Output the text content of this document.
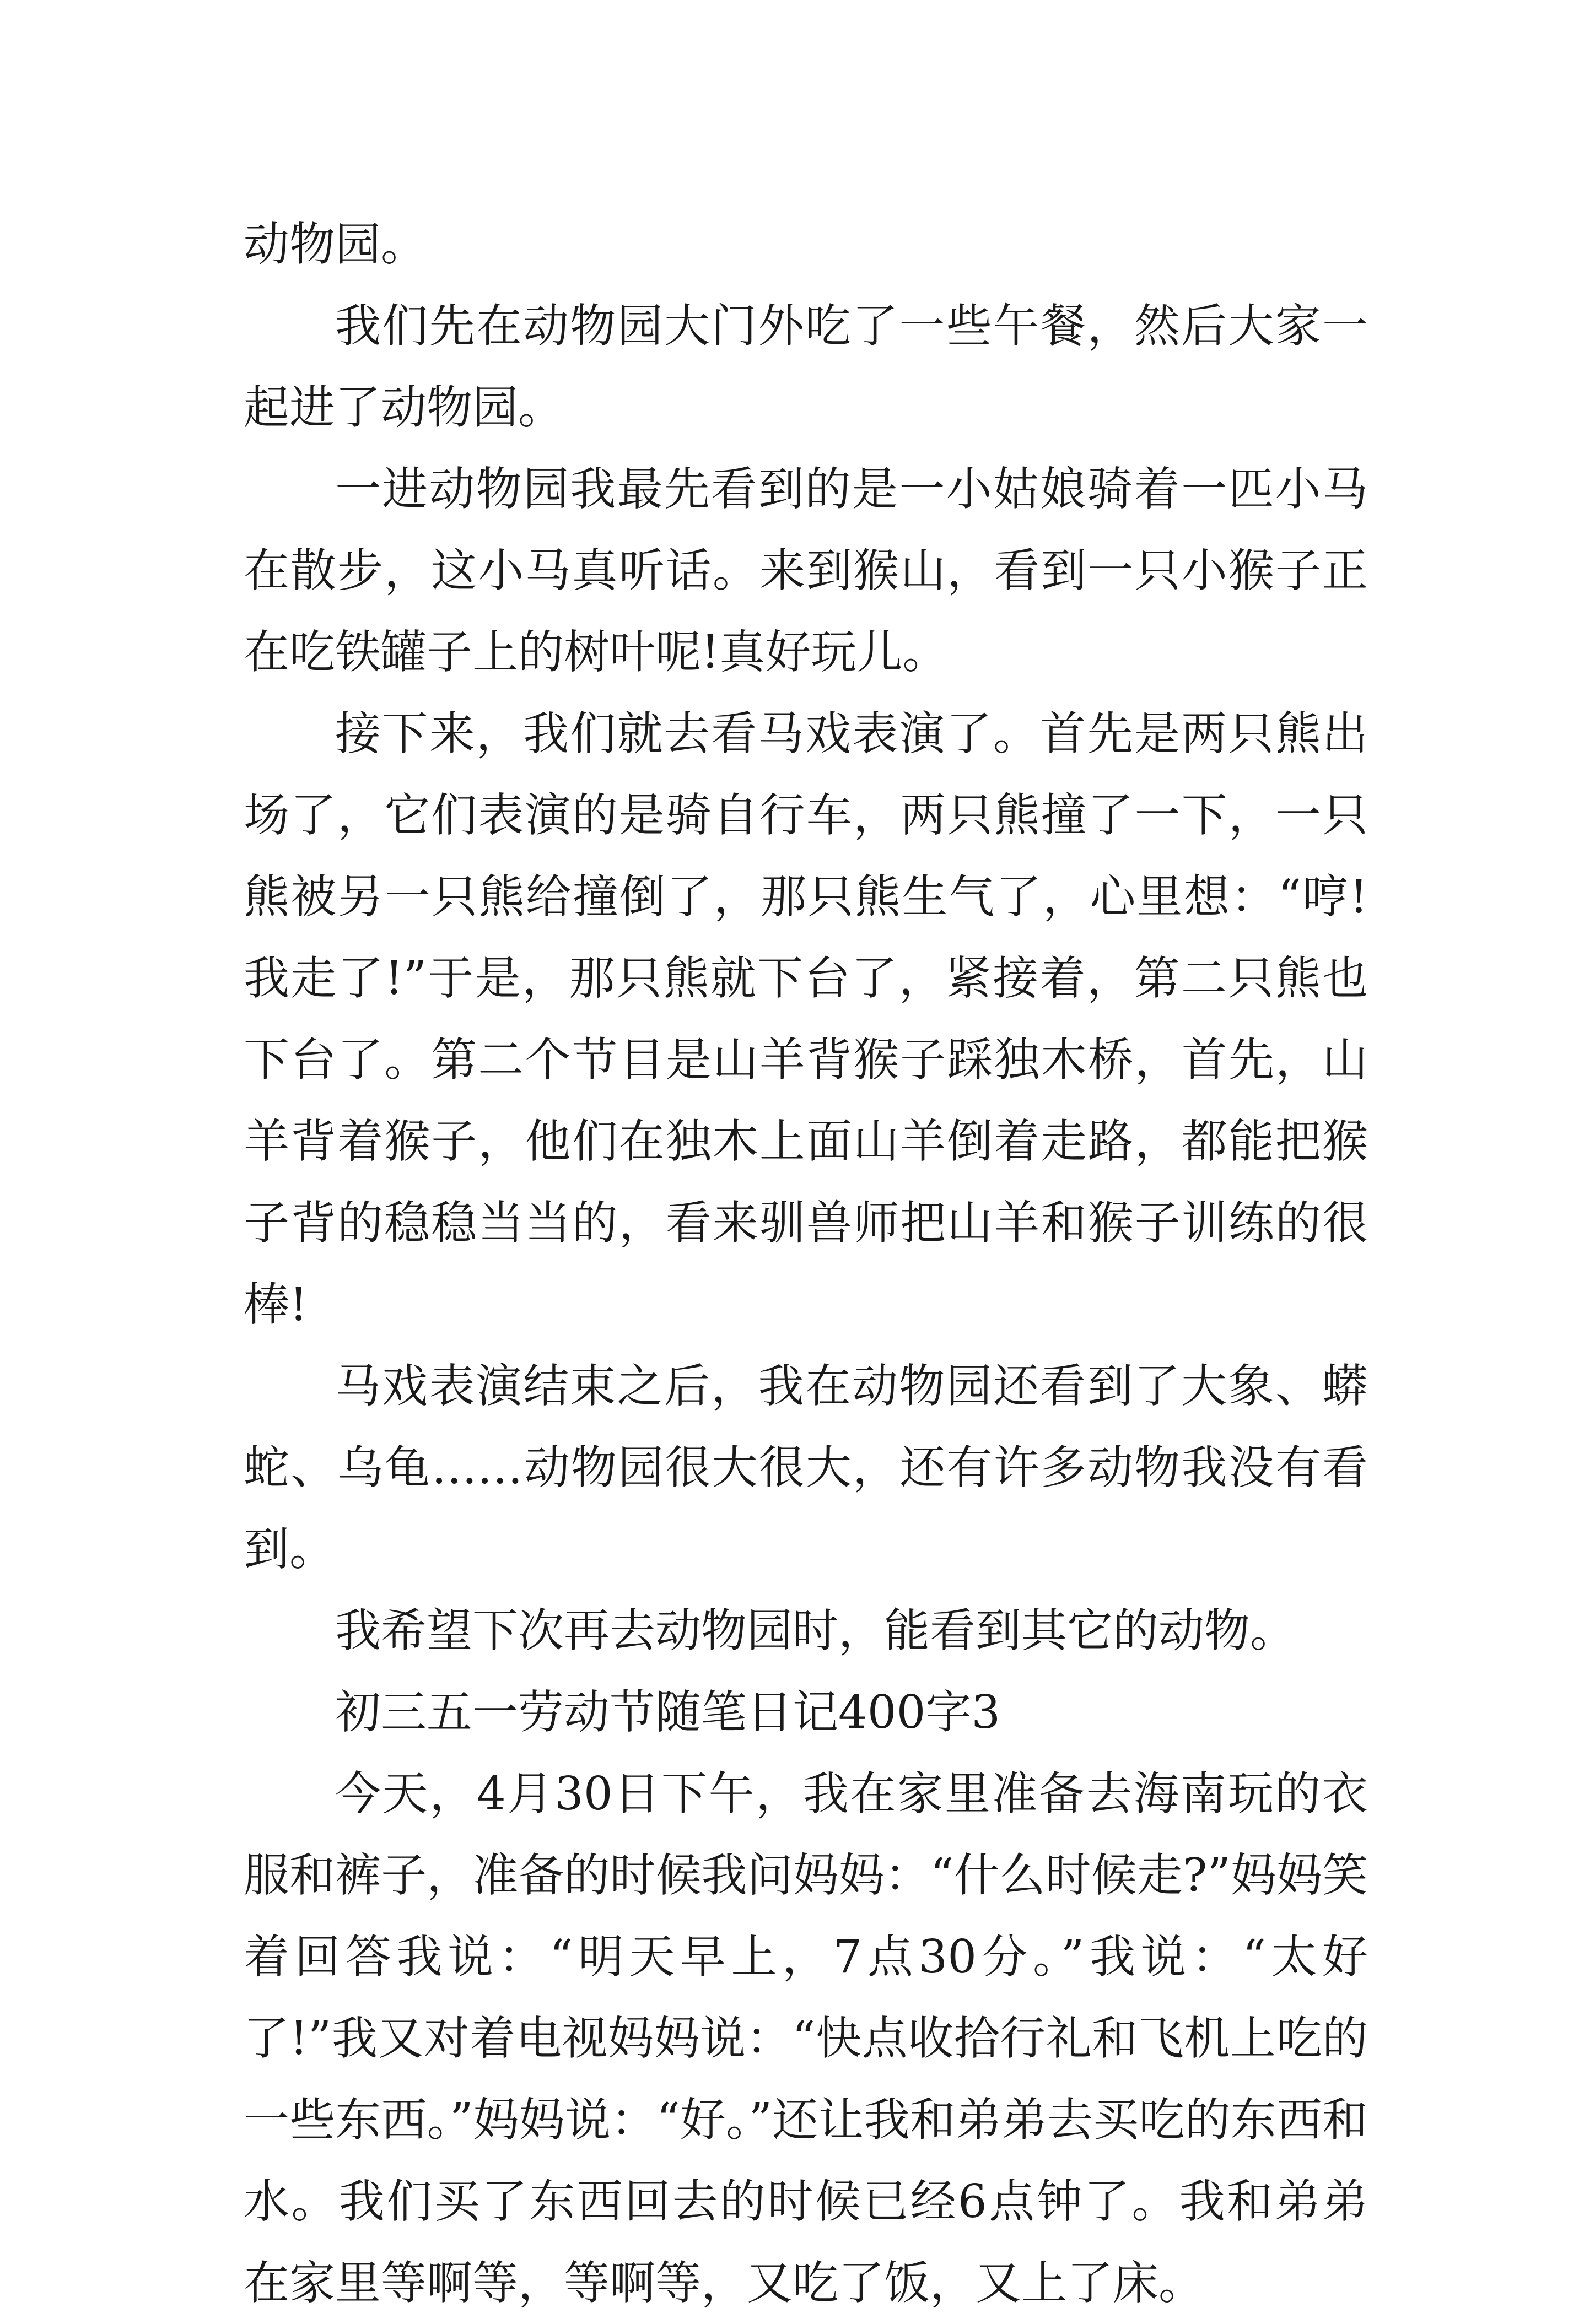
动物园。

我们先在动物园大门外吃了一些午餐，然后大家一起进了动物园。

一进动物园我最先看到的是一小姑娘骑着一匹小马在散步，这小马真听话。来到猴山，看到一只小猴子正在吃铁罐子上的树叶呢!真好玩儿。

接下来，我们就去看马戏表演了。首先是两只熊出场了，它们表演的是骑自行车，两只熊撞了一下，一只熊被另一只熊给撞倒了，那只熊生气了，心里想：“哼!我走了!”于是，那只熊就下台了，紧接着，第二只熊也下台了。第二个节目是山羊背猴子踩独木桥，首先，山羊背着猴子，他们在独木上面山羊倒着走路，都能把猴子背的稳稳当当的，看来驯兽师把山羊和猴子训练的很棒!

马戏表演结束之后，我在动物园还看到了大象、蟒蛇、乌龟……动物园很大很大，还有许多动物我没有看到。

我希望下次再去动物园时，能看到其它的动物。

初三五一劳动节随笔日记400字3

今天，4月30日下午，我在家里准备去海南玩的衣服和裤子，准备的时候我问妈妈：“什么时候走?”妈妈笑着回答我说：“明天早上，7点30分。”我说：“太好了!”我又对着电视妈妈说：“快点收拾行礼和飞机上吃的一些东西。”妈妈说：“好。”还让我和弟弟去买吃的东西和水。我们买了东西回去的时候已经6点钟了。我和弟弟在家里等啊等，等啊等，又吃了饭，又上了床。
